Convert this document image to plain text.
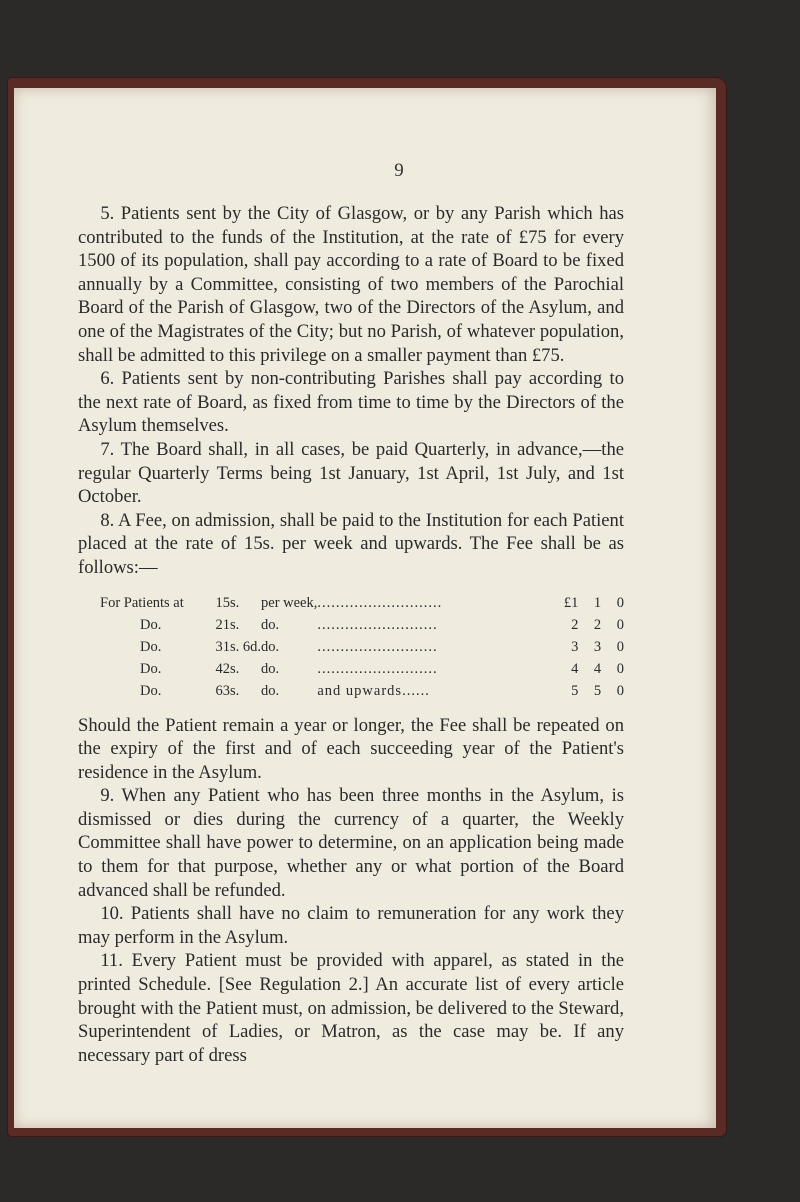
9

5. Patients sent by the City of Glasgow, or by any Parish which has contributed to the funds of the Institution, at the rate of £75 for every 1500 of its population, shall pay according to a rate of Board to be fixed annually by a Committee, consisting of two members of the Parochial Board of the Parish of Glasgow, two of the Directors of the Asylum, and one of the Magistrates of the City; but no Parish, of whatever population, shall be admitted to this privilege on a smaller payment than £75.

6. Patients sent by non-contributing Parishes shall pay according to the next rate of Board, as fixed from time to time by the Directors of the Asylum themselves.

7. The Board shall, in all cases, be paid Quarterly, in advance,—the regular Quarterly Terms being 1st January, 1st April, 1st July, and 1st October.

8. A Fee, on admission, shall be paid to the Institution for each Patient placed at the rate of 15s. per week and upwards. The Fee shall be as follows:—

For Patients at	15s.	per week,	...........................	£1	1	0
Do.	21s.	do.	..........................	2	2	0
Do.	31s. 6d.	do.	..........................	3	3	0
Do.	42s.	do.	..........................	4	4	0
Do.	63s.	do.	and upwards......	5	5	0

Should the Patient remain a year or longer, the Fee shall be repeated on the expiry of the first and of each succeeding year of the Patient's residence in the Asylum.

9. When any Patient who has been three months in the Asylum, is dismissed or dies during the currency of a quarter, the Weekly Committee shall have power to determine, on an application being made to them for that purpose, whether any or what portion of the Board advanced shall be refunded.

10. Patients shall have no claim to remuneration for any work they may perform in the Asylum.

11. Every Patient must be provided with apparel, as stated in the printed Schedule. [See Regulation 2.] An accurate list of every article brought with the Patient must, on admission, be delivered to the Steward, Superintendent of Ladies, or Matron, as the case may be. If any necessary part of dress
